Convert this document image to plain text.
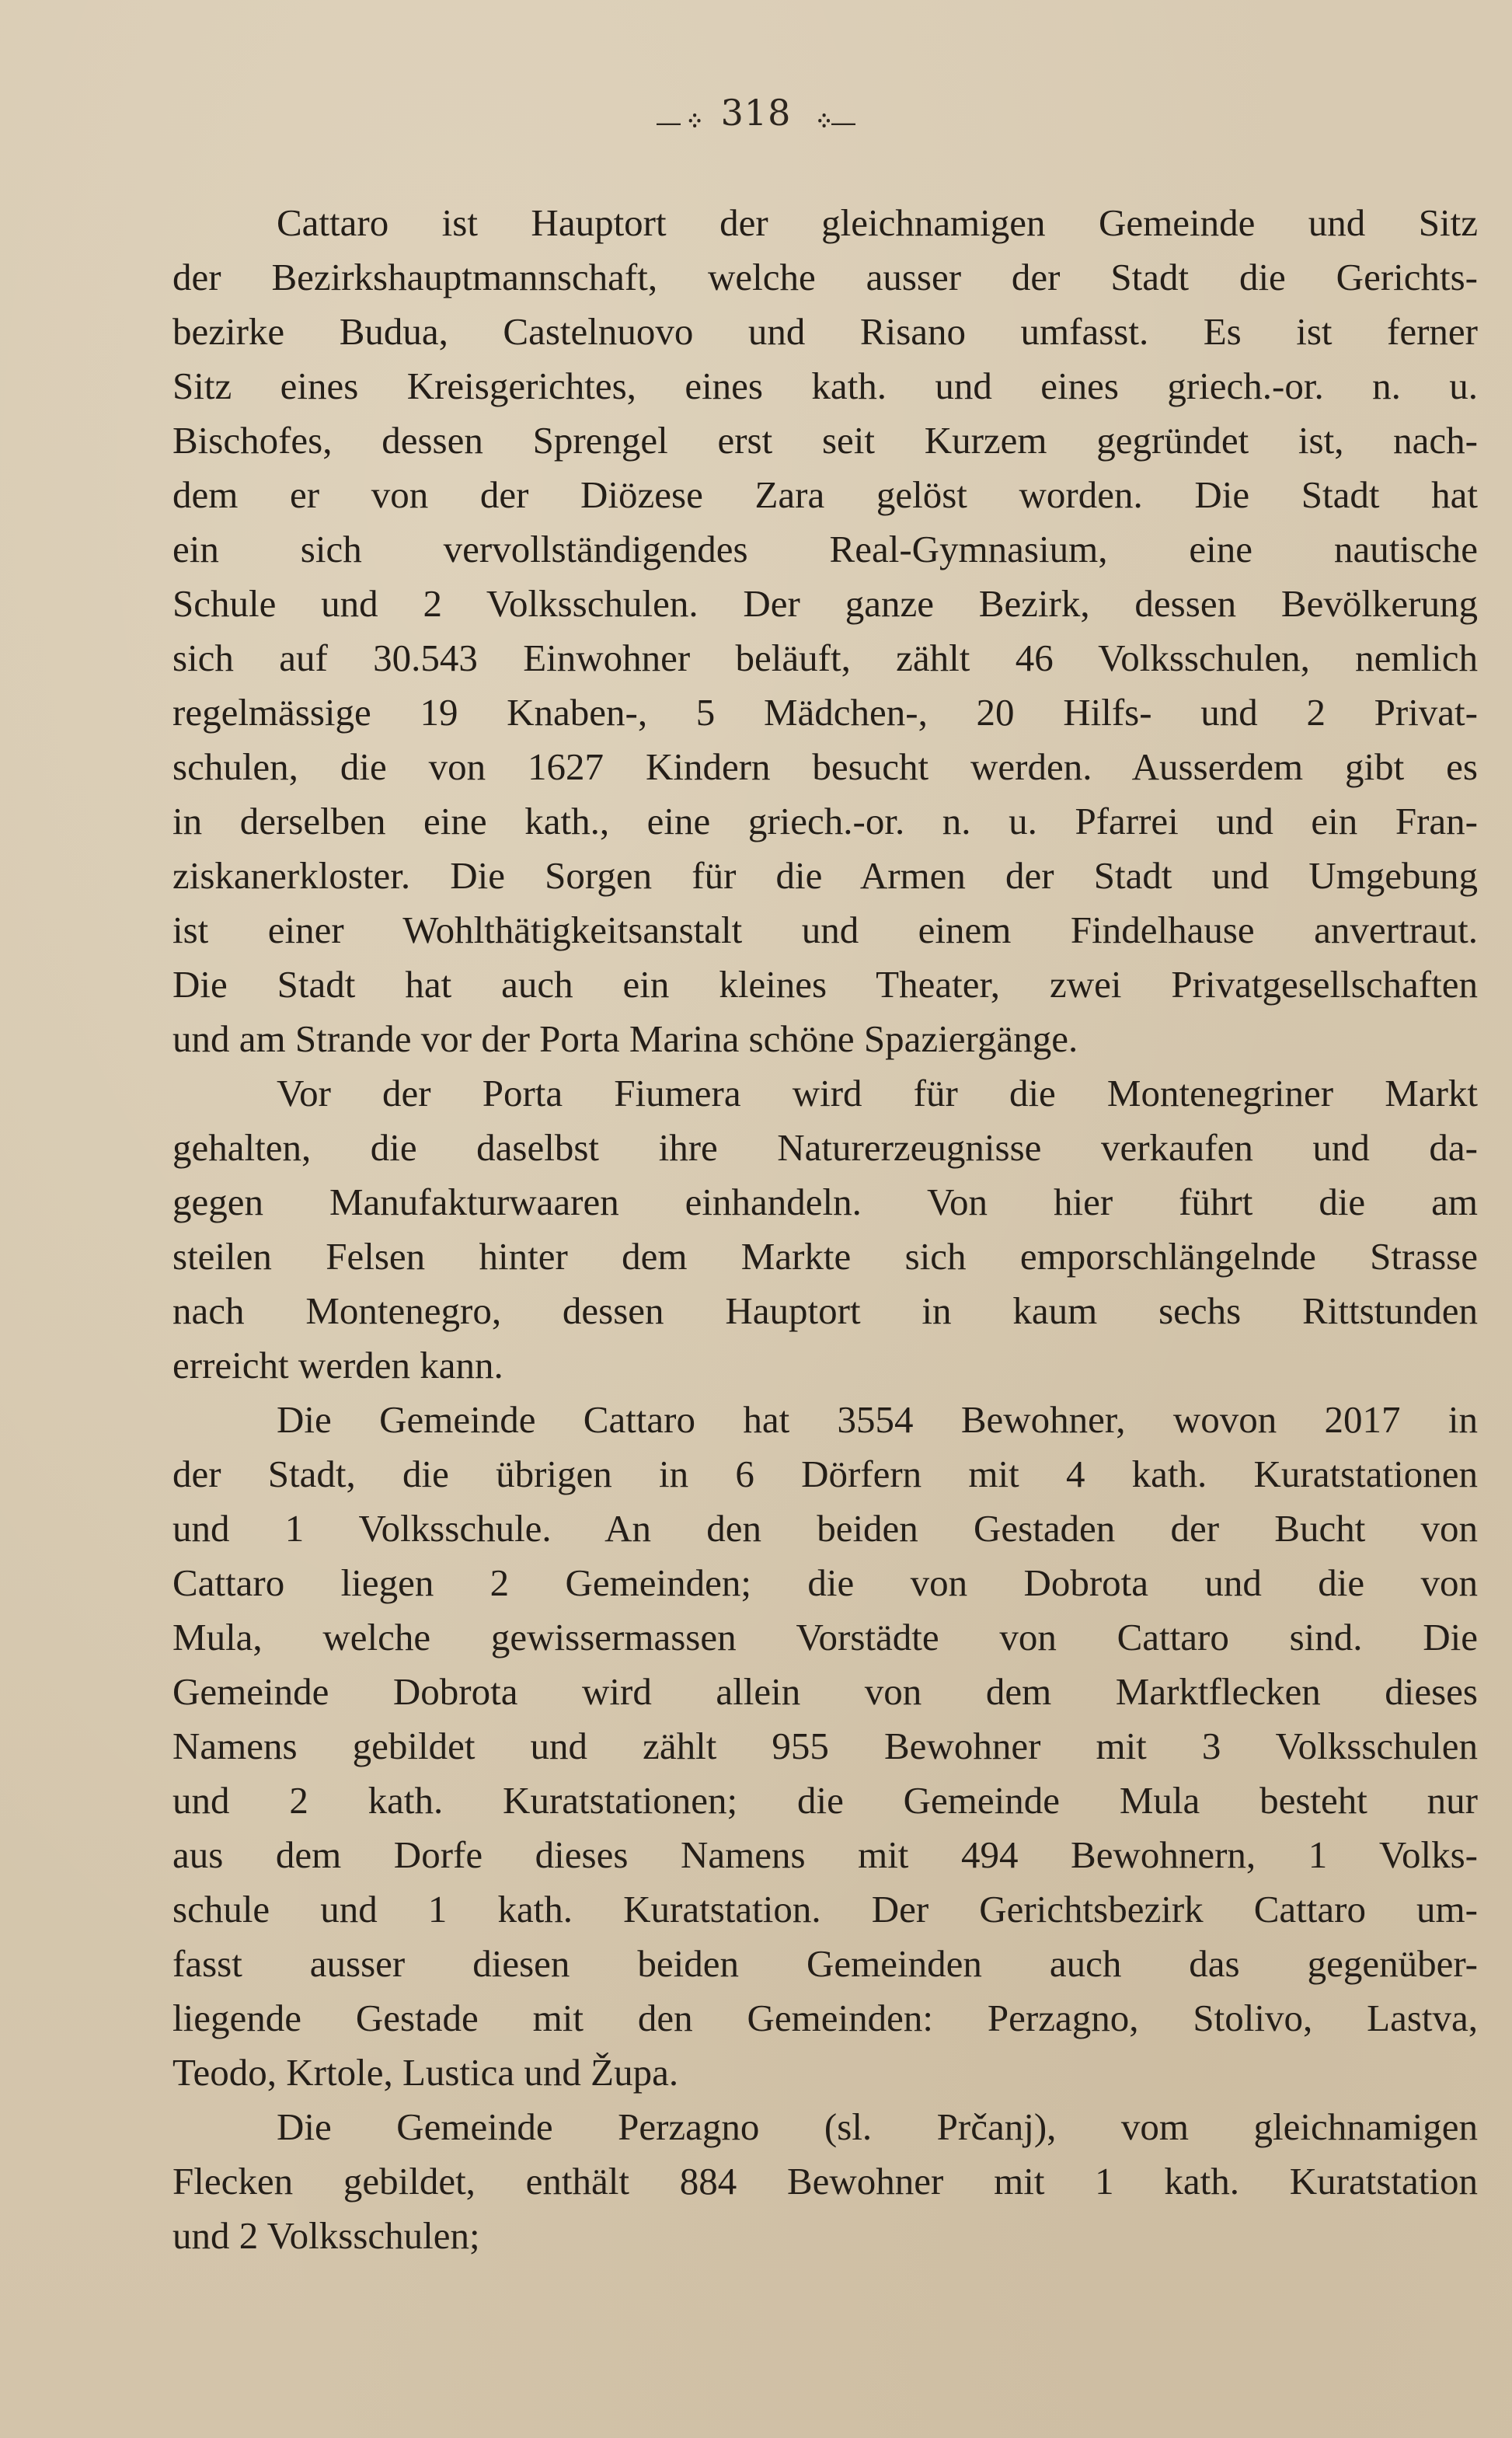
—᠅ 318 ᠅—
Cattaro ist Hauptort der gleichnamigen Gemeinde und Sitz
der Bezirkshauptmannschaft, welche ausser der Stadt die Gerichts-
bezirke Budua, Castelnuovo und Risano umfasst. Es ist ferner
Sitz eines Kreisgerichtes, eines kath. und eines griech.-or. n. u.
Bischofes, dessen Sprengel erst seit Kurzem gegründet ist, nach-
dem er von der Diözese Zara gelöst worden. Die Stadt hat
ein sich vervollständigendes Real-Gymnasium, eine nautische
Schule und 2 Volksschulen. Der ganze Bezirk, dessen Bevölkerung
sich auf 30.543 Einwohner beläuft, zählt 46 Volksschulen, nemlich
regelmässige 19 Knaben-, 5 Mädchen-, 20 Hilfs- und 2 Privat-
schulen, die von 1627 Kindern besucht werden. Ausserdem gibt es
in derselben eine kath., eine griech.-or. n. u. Pfarrei und ein Fran-
ziskanerkloster. Die Sorgen für die Armen der Stadt und Umgebung
ist einer Wohlthätigkeitsanstalt und einem Findelhause anvertraut.
Die Stadt hat auch ein kleines Theater, zwei Privatgesellschaften
und am Strande vor der Porta Marina schöne Spaziergänge.
Vor der Porta Fiumera wird für die Montenegriner Markt
gehalten, die daselbst ihre Naturerzeugnisse verkaufen und da-
gegen Manufakturwaaren einhandeln. Von hier führt die am
steilen Felsen hinter dem Markte sich emporschlängelnde Strasse
nach Montenegro, dessen Hauptort in kaum sechs Rittstunden
erreicht werden kann.
Die Gemeinde Cattaro hat 3554 Bewohner, wovon 2017 in
der Stadt, die übrigen in 6 Dörfern mit 4 kath. Kuratstationen
und 1 Volksschule. An den beiden Gestaden der Bucht von
Cattaro liegen 2 Gemeinden; die von Dobrota und die von
Mula, welche gewissermassen Vorstädte von Cattaro sind. Die
Gemeinde Dobrota wird allein von dem Marktflecken dieses
Namens gebildet und zählt 955 Bewohner mit 3 Volksschulen
und 2 kath. Kuratstationen; die Gemeinde Mula besteht nur
aus dem Dorfe dieses Namens mit 494 Bewohnern, 1 Volks-
schule und 1 kath. Kuratstation. Der Gerichtsbezirk Cattaro um-
fasst ausser diesen beiden Gemeinden auch das gegenüber-
liegende Gestade mit den Gemeinden: Perzagno, Stolivo, Lastva,
Teodo, Krtole, Lustica und Župa.
Die Gemeinde Perzagno (sl. Prčanj), vom gleichnamigen
Flecken gebildet, enthält 884 Bewohner mit 1 kath. Kuratstation
und 2 Volksschulen;
